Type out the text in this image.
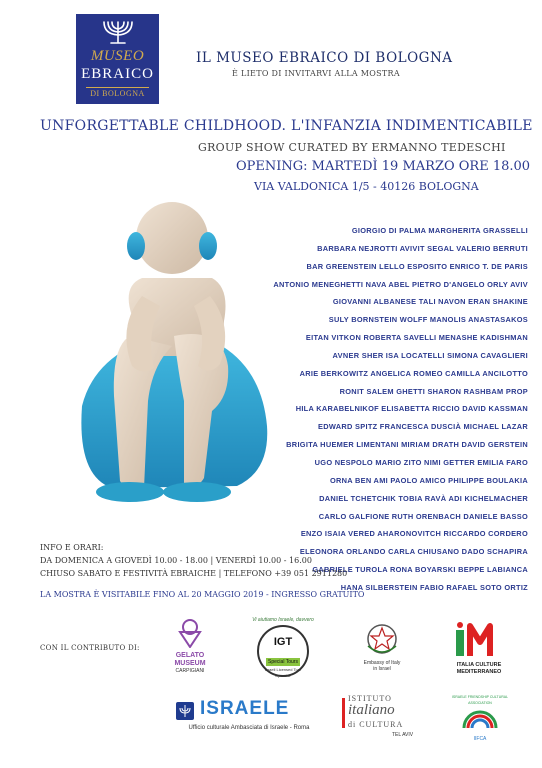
MUSEO
EBRAICO
DI BOLOGNA
IL MUSEO EBRAICO DI BOLOGNA
È LIETO DI INVITARVI ALLA MOSTRA
UNFORGETTABLE CHILDHOOD. L'INFANZIA INDIMENTICABILE
GROUP SHOW CURATED BY ERMANNO TEDESCHI
OPENING: MARTEDÌ 19 MARZO ORE 18.00
VIA VALDONICA 1/5 - 40126 BOLOGNA
GIORGIO DI PALMA MARGHERITA GRASSELLI
BARBARA NEJROTTI AVIVIT SEGAL VALERIO BERRUTI
BAR GREENSTEIN LELLO ESPOSITO ENRICO T. DE PARIS
ANTONIO MENEGHETTI NAVA ABEL PIETRO D'ANGELO ORLY AVIV
GIOVANNI ALBANESE TALI NAVON ERAN SHAKINE
SULY BORNSTEIN WOLFF MANOLIS ANASTASAKOS
EITAN VITKON ROBERTA SAVELLI MENASHE KADISHMAN
AVNER SHER ISA LOCATELLI SIMONA CAVAGLIERI
ARIE BERKOWITZ ANGELICA ROMEO CAMILLA ANCILOTTO
RONIT SALEM GHETTI SHARON RASHBAM PROP
HILA KARABELNIKOF ELISABETTA RICCIO DAVID KASSMAN
EDWARD SPITZ FRANCESCA DUSCIÀ MICHAEL LAZAR
BRIGITA HUEMER LIMENTANI MIRIAM DRATH DAVID GERSTEIN
UGO NESPOLO MARIO ZITO NIMI GETTER EMILIA FARO
ORNA BEN AMI PAOLO AMICO PHILIPPE BOULAKIA
DANIEL TCHETCHIK TOBIA RAVÀ ADI KICHELMACHER
CARLO GALFIONE RUTH ORENBACH DANIELE BASSO
ENZO ISAIA VERED AHARONOVITCH RICCARDO CORDERO
ELEONORA ORLANDO CARLA CHIUSANO DADO SCHAPIRA
GABRIELE TUROLA RONA BOYARSKI BEPPE LABIANCA
HANA SILBERSTEIN FABIO RAFAEL SOTO ORTIZ
INFO E ORARI:
DA DOMENICA A GIOVEDÌ 10.00 - 18.00 | VENERDÌ 10.00 - 16.00
CHIUSO SABATO E FESTIVITÀ EBRAICHE | TELEFONO +39 051 2911280
LA MOSTRA È VISITABILE FINO AL 20 MAGGIO 2019 - INGRESSO GRATUITO
CON IL CONTRIBUTO DI:
GELATO
MUSEUM
CARPIGIANI
Vi aiutiamo Israele, davvero
IGT
Special Tours
Israeli Licensed Tour Operator
Embassy of Italy
in Israel
ITALIA CULTURE
MEDITERRANEO
ISRAELE
Ufficio culturale Ambasciata di Israele - Roma
ISTITUTO
italiano
di CULTURA
TEL AVIV
ISRAELE FRIENDSHIP CULTURAL ASSOCIATION
IIFCA
